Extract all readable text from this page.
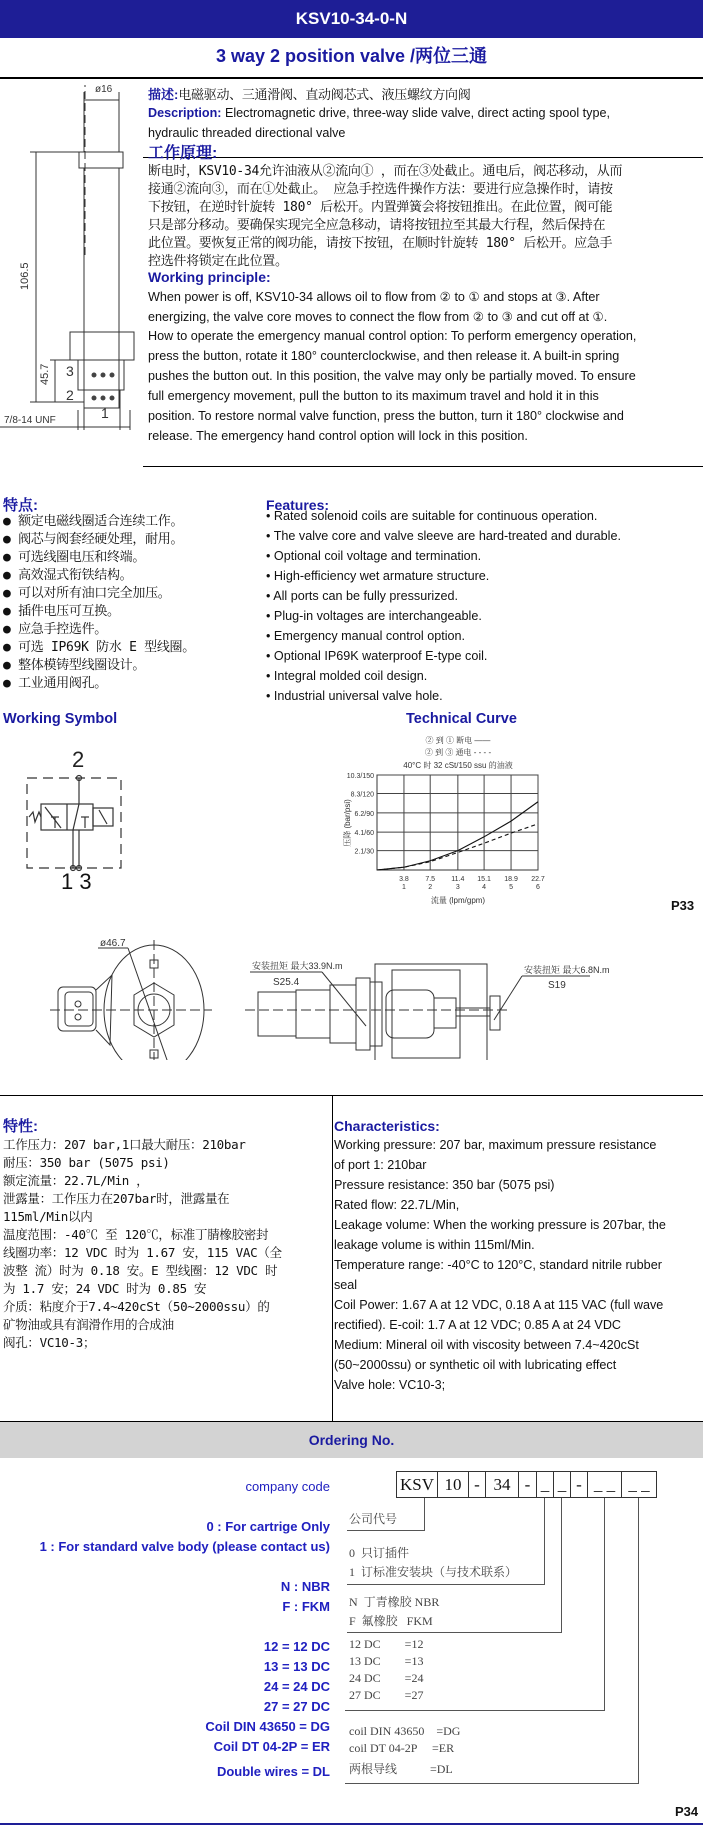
KSV10-34-0-N
3 way 2 position valve /两位三通
ø16
106.5
45.7 3
2
1
7/8-14 UNF
描述:电磁驱动、三通滑阀、直动阀芯式、液压螺纹方向阀
Description: Electromagnetic drive, three-way slide valve, direct acting spool type,
hydraulic threaded directional valve
工作原理:
断电时，KSV10-34允许油液从②流向① ，而在③处截止。通电后，阀芯移动，从而
接通②流向③，而在①处截止。 应急手控选件操作方法：要进行应急操作时，请按
下按钮，在逆时针旋转 180° 后松开。内置弹簧会将按钮推出。在此位置，阀可能
只是部分移动。要确保实现完全应急移动，请将按钮拉至其最大行程，然后保持在
此位置。要恢复正常的阀功能，请按下按钮，在顺时针旋转 180° 后松开。应急手
控选件将锁定在此位置。
Working principle:
When power is off, KSV10-34 allows oil to flow from ② to ① and stops at ③. After
energizing, the valve core moves to connect the flow from ② to ③ and cut off at ①.
How to operate the emergency manual control option: To perform emergency operation,
press the button, rotate it 180° counterclockwise, and then release it. A built-in spring
pushes the button out. In this position, the valve may only be partially moved. To ensure
full emergency movement, pull the button to its maximum travel and hold it in this
position. To restore normal valve function, press the button, turn it 180° clockwise and
release. The emergency hand control option will lock in this position.
特点:	Features:
● 额定电磁线圈适合连续工作。
● 阀芯与阀套经硬处理，耐用。
● 可选线圈电压和终端。
● 高效湿式衔铁结构。
● 可以对所有油口完全加压。
● 插件电压可互换。
● 应急手控选件。
● 可选 IP69K 防水 E 型线圈。
● 整体模铸型线圈设计。
● 工业通用阀孔。
• Rated solenoid coils are suitable for continuous operation.
• The valve core and valve sleeve are hard-treated and durable.
• Optional coil voltage and termination.
• High-efficiency wet armature structure.
• All ports can be fully pressurized.
• Plug-in voltages are interchangeable.
• Emergency manual control option.
• Optional IP69K waterproof E-type coil.
• Integral molded coil design.
• Industrial universal valve hole.
Working Symbol	Technical Curve
2
1 3	3.8
1
7.5
2
11.4
3
15.1
4
18.9
5
22.7
6
2.1/30
4.1/60
6.2/90
8.3/120
10.3/150
② 到 ① 断电 ——
② 到 ③ 通电 - - - -
40°C 时 32 cSt/150 ssu 的油液
流量 (lpm/gpm)
压降 (bar/psi)
P33
ø46.7
安装扭矩 最大33.9N.m
S25.4
安装扭矩 最大6.8N.m
S19
特性:	Characteristics:
工作压力：207 bar,1口最大耐压：210bar
耐压：350 bar (5075 psi)
额定流量：22.7L/Min ，
泄露量：工作压力在207bar时，泄露量在
115ml/Min以内
温度范围：-40℃ 至 120℃，标准丁腈橡胶密封
线圈功率：12 VDC 时为 1.67 安，115 VAC（全
波整 流）时为 0.18 安。E 型线圈：12 VDC 时
为 1.7 安；24 VDC 时为 0.85 安
介质：粘度介于7.4~420cSt（50~2000ssu）的
矿物油或具有润滑作用的合成油
阀孔：VC10-3；
Working pressure: 207 bar, maximum pressure resistance
of port 1: 210bar
Pressure resistance: 350 bar (5075 psi)
Rated flow: 22.7L/Min,
Leakage volume: When the working pressure is 207bar, the
leakage volume is within 115ml/Min.
Temperature range: -40°C to 120°C, standard nitrile rubber
seal
Coil Power: 1.67 A at 12 VDC, 0.18 A at 115 VAC (full wave
rectified). E-coil: 1.7 A at 12 VDC; 0.85 A at 24 VDC
Medium: Mineral oil with viscosity between 7.4~420cSt
(50~2000ssu) or synthetic oil with lubricating effect
Valve hole: VC10-3;
Ordering No.
KSV 10 - 34 - _ _ - _ _ _ _
company code
0 : For cartrige Only
1 : For standard valve body (please contact us)
N : NBR
F : FKM
12 = 12 DC
13 = 13 DC
24 = 24 DC
27 = 27 DC
Coil DIN 43650 = DG
Coil DT 04-2P = ER
Double wires = DL
公司代号
0  只订插件
1  订标准安装块（与技术联系）
N  丁青橡胶 NBR
F  氟橡胶   FKM
12 DC        =12
13 DC        =13
24 DC        =24
27 DC        =27
coil DIN 43650    =DG
coil DT 04-2P     =ER
两根导线           =DL
P34
